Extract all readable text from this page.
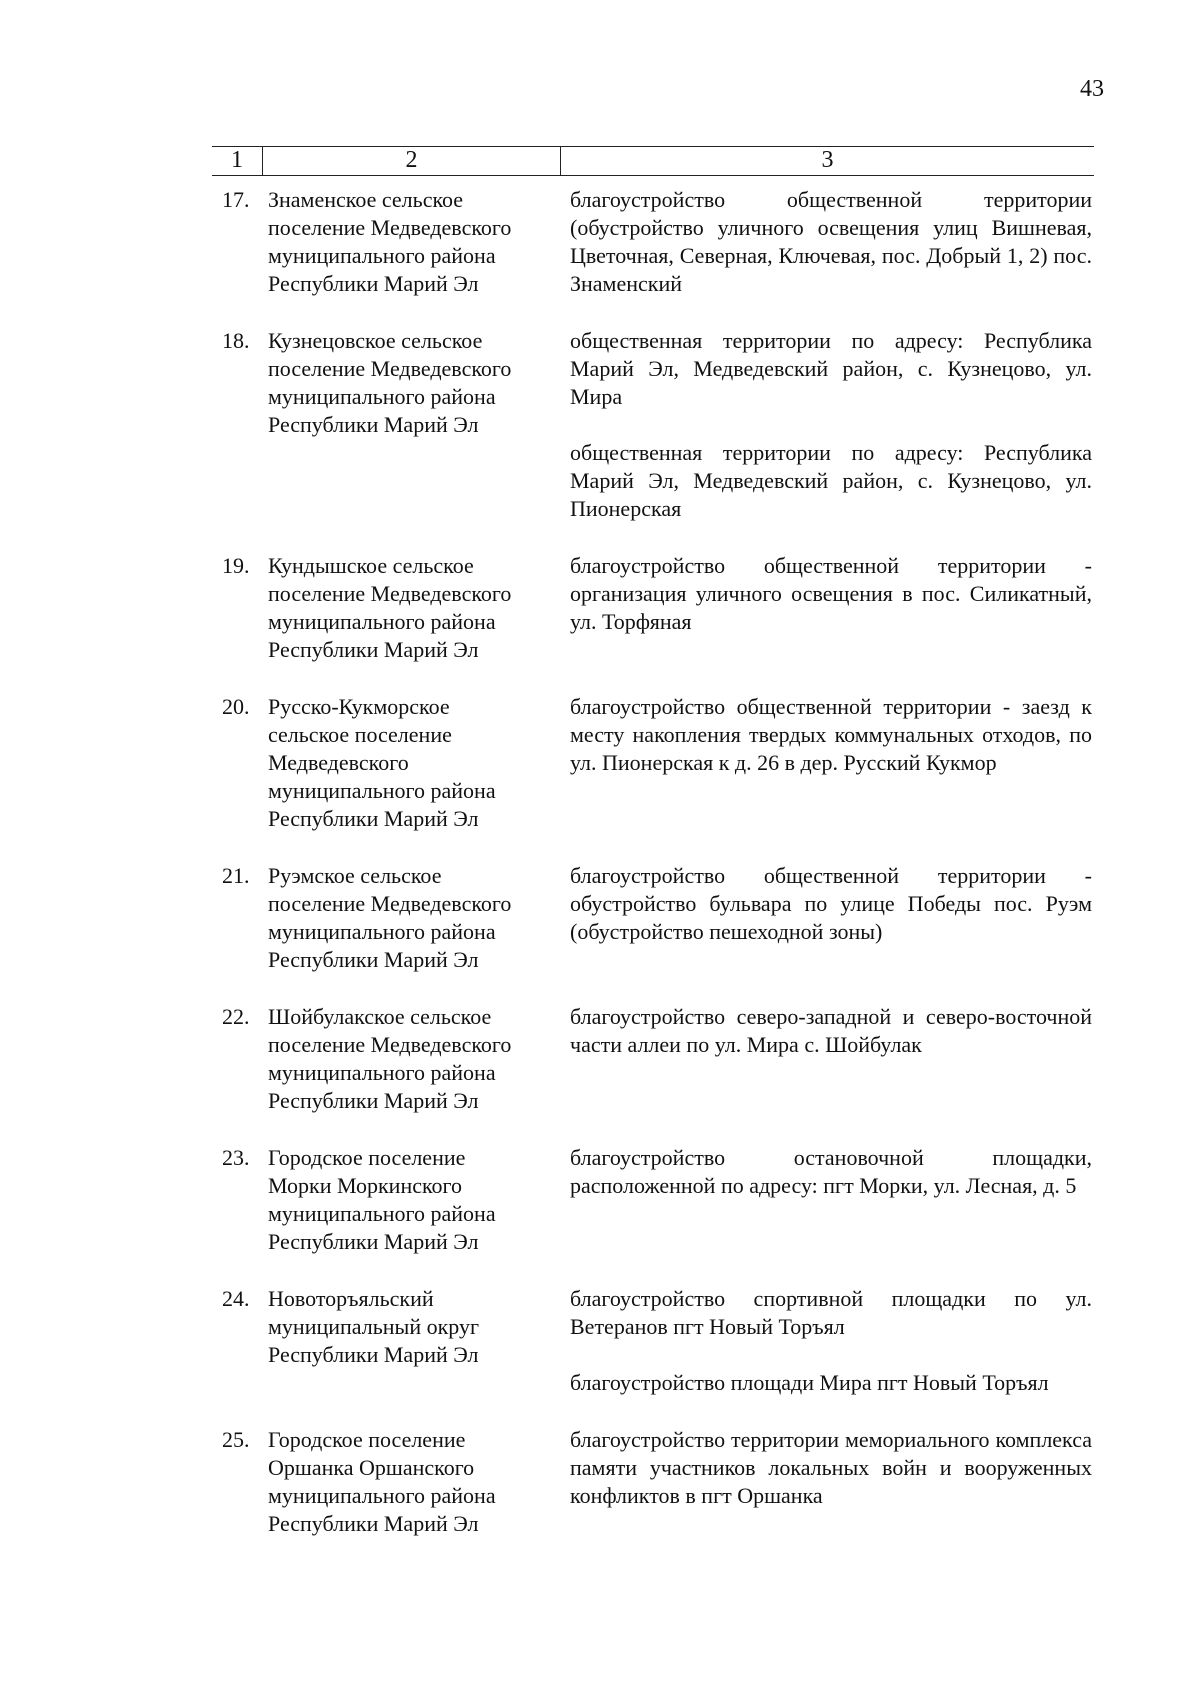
43
1	2	3
17. Знаменское сельское
поселение Медведевского
муниципального района
Республики Марий Эл
благоустройство общественной территории (обустройство уличного освещения улиц Вишневая, Цветочная, Северная, Ключевая, пос. Добрый 1, 2) пос. Знаменский
18. Кузнецовское сельское
поселение Медведевского
муниципального района
Республики Марий Эл
общественная территории по адресу: Республика Марий Эл, Медведевский район, с. Кузнецово, ул. Мира
общественная территории по адресу: Республика Марий Эл, Медведевский район, с. Кузнецово, ул. Пионерская
19. Кундышское сельское
поселение Медведевского
муниципального района
Республики Марий Эл
благоустройство общественной территории - организация уличного освещения в пос. Силикатный, ул. Торфяная
20. Русско-Кукморское
сельское поселение
Медведевского
муниципального района
Республики Марий Эл
благоустройство общественной территории - заезд к месту накопления твердых коммунальных отходов, по ул. Пионерская к д. 26 в дер. Русский Кукмор
21. Руэмское сельское
поселение Медведевского
муниципального района
Республики Марий Эл
благоустройство общественной территории - обустройство бульвара по улице Победы пос. Руэм (обустройство пешеходной зоны)
22. Шойбулакское сельское
поселение Медведевского
муниципального района
Республики Марий Эл
благоустройство северо-западной и северо-восточной части аллеи по ул. Мира с. Шойбулак
23. Городское поселение
Морки Моркинского
муниципального района
Республики Марий Эл
благоустройство остановочной площадки, расположенной по адресу: пгт Морки, ул. Лесная, д. 5
24. Новоторъяльский
муниципальный округ
Республики Марий Эл
благоустройство спортивной площадки по ул. Ветеранов пгт Новый Торъял
благоустройство площади Мира пгт Новый Торъял
25. Городское поселение
Оршанка Оршанского
муниципального района
Республики Марий Эл
благоустройство территории мемориального комплекса памяти участников локальных войн и вооруженных конфликтов в пгт Оршанка
